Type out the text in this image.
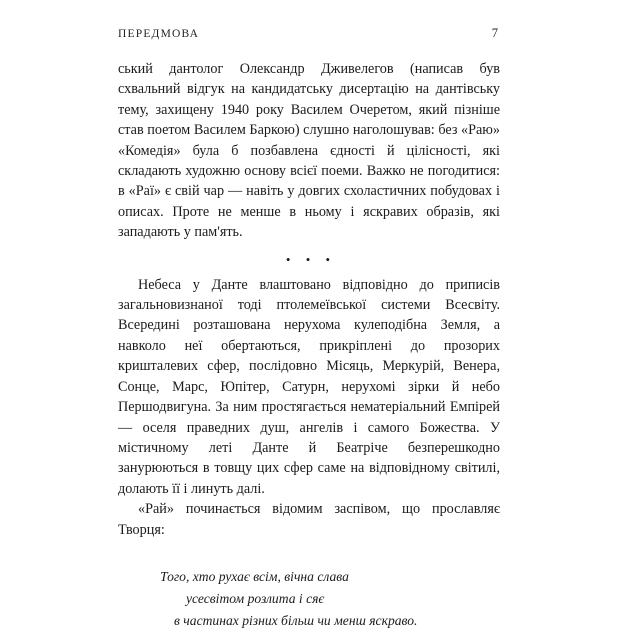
ПЕРЕДМОВА	7

ський дантолог Олександр Дживелегов (написав був схвальний відгук на кандидатську дисертацію на дантівську тему, захищену 1940 року Василем Очеретом, який пізніше став поетом Василем Баркою) слушно наголошував: без «Раю» «Комедія» була б позбавлена єдності й цілісності, які складають художню основу всієї поеми. Важко не погодитися: в «Раї» є свій чар — навіть у довгих схоластичних побудовах і описах. Проте не менше в ньому і яскравих образів, які западають у пам'ять.

• • •

Небеса у Данте влаштовано відповідно до приписів загальновизнаної тоді птолемеївської системи Всесвіту. Всередині розташована нерухома кулеподібна Земля, а навколо неї обертаються, прикріплені до прозорих кришталевих сфер, послідовно Місяць, Меркурій, Венера, Сонце, Марс, Юпітер, Сатурн, нерухомі зірки й небо Першодвигуна. За ним простягається нематеріальний Емпірей — оселя праведних душ, ангелів і самого Божества. У містичному леті Данте й Беатріче безперешкодно занурюються в товщу цих сфер саме на відповідному світилі, долають її і линуть далі.

«Рай» починається відомим заспівом, що прославляє Творця:

Того, хто рухає всім, вічна слава
усесвітом розлита і сяє
в частинах різних більш чи менш яскраво.
